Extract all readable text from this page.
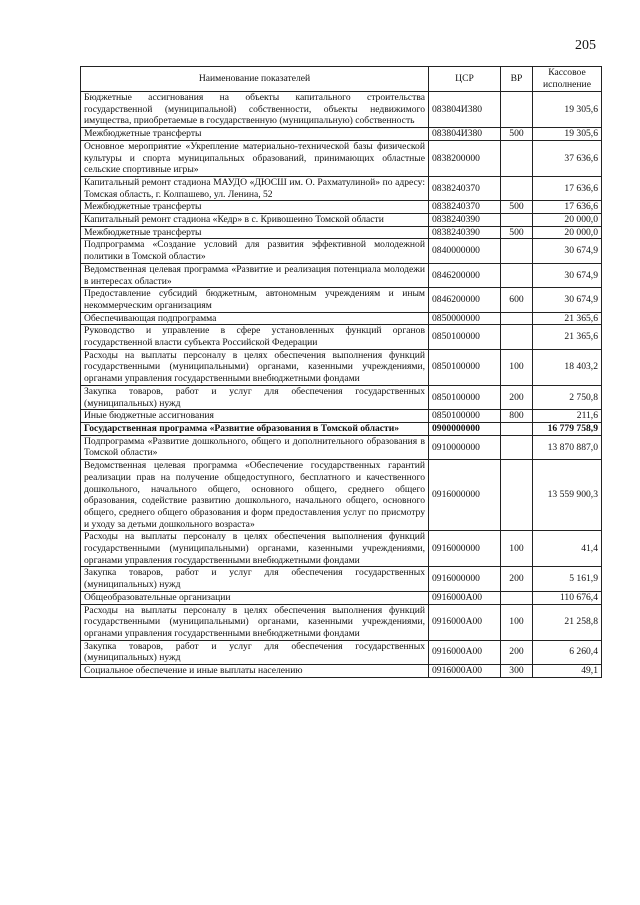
205
Наименование показателей	ЦСР	ВР	Кассовое исполнение
Бюджетные ассигнования на объекты капитального строительства государственной (муниципальной) собственности, объекты недвижимого имущества, приобретаемые в государственную (муниципальную) собственность	083804И380		19 305,6
Межбюджетные трансферты	083804И380	500	19 305,6
Основное мероприятие «Укрепление материально-технической базы физической культуры и спорта муниципальных образований, принимающих областные сельские спортивные игры»	0838200000		37 636,6
Капитальный ремонт стадиона МАУДО «ДЮСШ им. О. Рахматулиной» по адресу: Томская область, г. Колпашево, ул. Ленина, 52	0838240370		17 636,6
Межбюджетные трансферты	0838240370	500	17 636,6
Капитальный ремонт стадиона «Кедр» в с. Кривошеино Томской области	0838240390		20 000,0
Межбюджетные трансферты	0838240390	500	20 000,0
Подпрограмма «Создание условий для развития эффективной молодежной политики в Томской области»	0840000000		30 674,9
Ведомственная целевая программа «Развитие и реализация потенциала молодежи в интересах области»	0846200000		30 674,9
Предоставление субсидий бюджетным, автономным учреждениям и иным некоммерческим организациям	0846200000	600	30 674,9
Обеспечивающая подпрограмма	0850000000		21 365,6
Руководство и управление в сфере установленных функций органов государственной власти субъекта Российской Федерации	0850100000		21 365,6
Расходы на выплаты персоналу в целях обеспечения выполнения функций государственными (муниципальными) органами, казенными учреждениями, органами управления государственными внебюджетными фондами	0850100000	100	18 403,2
Закупка товаров, работ и услуг для обеспечения государственных (муниципальных) нужд	0850100000	200	2 750,8
Иные бюджетные ассигнования	0850100000	800	211,6
Государственная программа «Развитие образования в Томской области»	0900000000		16 779 758,9
Подпрограмма «Развитие дошкольного, общего и дополнительного образования в Томской области»	0910000000		13 870 887,0
Ведомственная целевая программа «Обеспечение государственных гарантий реализации прав на получение общедоступного, бесплатного и качественного дошкольного, начального общего, основного общего, среднего общего образования, содействие развитию дошкольного, начального общего, основного общего, среднего общего образования и форм предоставления услуг по присмотру и уходу за детьми дошкольного возраста»	0916000000		13 559 900,3
Расходы на выплаты персоналу в целях обеспечения выполнения функций государственными (муниципальными) органами, казенными учреждениями, органами управления государственными внебюджетными фондами	0916000000	100	41,4
Закупка товаров, работ и услуг для обеспечения государственных (муниципальных) нужд	0916000000	200	5 161,9
Общеобразовательные организации	0916000А00		110 676,4
Расходы на выплаты персоналу в целях обеспечения выполнения функций государственными (муниципальными) органами, казенными учреждениями, органами управления государственными внебюджетными фондами	0916000А00	100	21 258,8
Закупка товаров, работ и услуг для обеспечения государственных (муниципальных) нужд	0916000А00	200	6 260,4
Социальное обеспечение и иные выплаты населению	0916000А00	300	49,1
